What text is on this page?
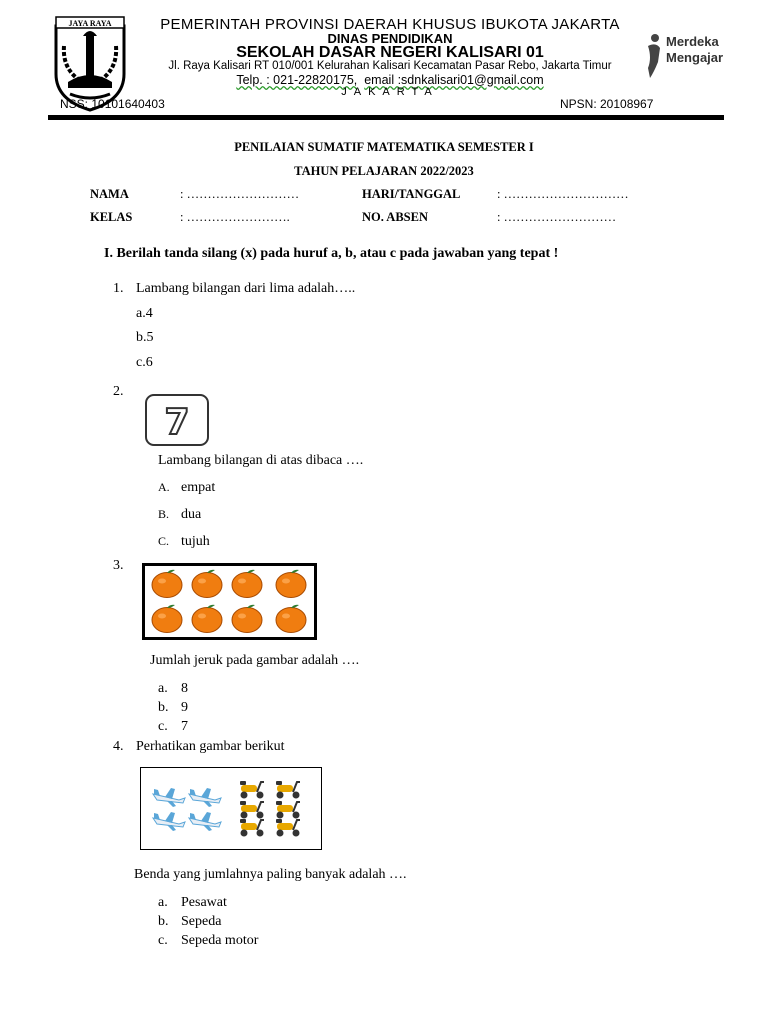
JAYA RAYA	PEMERINTAH PROVINSI DAERAH KHUSUS IBUKOTA JAKARTA
DINAS PENDIDIKAN
SEKOLAH DASAR NEGERI KALISARI 01
Jl. Raya Kalisari RT 010/001 Kelurahan Kalisari Kecamatan Pasar Rebo, Jakarta Timur
Telp. : 021-22820175, email :sdnkalisari01@gmail.com
JAKARTA
Merdeka
Mengajar
NSS: 10101640403	NPSN: 20108967
PENILAIAN SUMATIF MATEMATIKA SEMESTER I
TAHUN PELAJARAN 2022/2023
NAMA	: ………………………	HARI/TANGGAL	: …………………………
KELAS	: …………………….	NO. ABSEN	: ………………………
I. Berilah tanda silang (x) pada huruf a, b, atau c pada jawaban yang tepat !
1. Lambang bilangan dari lima adalah…..
a.4
b.5
c.6
2.
7
Lambang bilangan di atas dibaca ….
A. empat
B. dua
C. tujuh
3.
Jumlah jeruk pada gambar adalah ….
a. 8
b. 9
c. 7
4. Perhatikan gambar berikut
Benda yang jumlahnya paling banyak adalah ….
a. Pesawat
b. Sepeda
c. Sepeda motor
